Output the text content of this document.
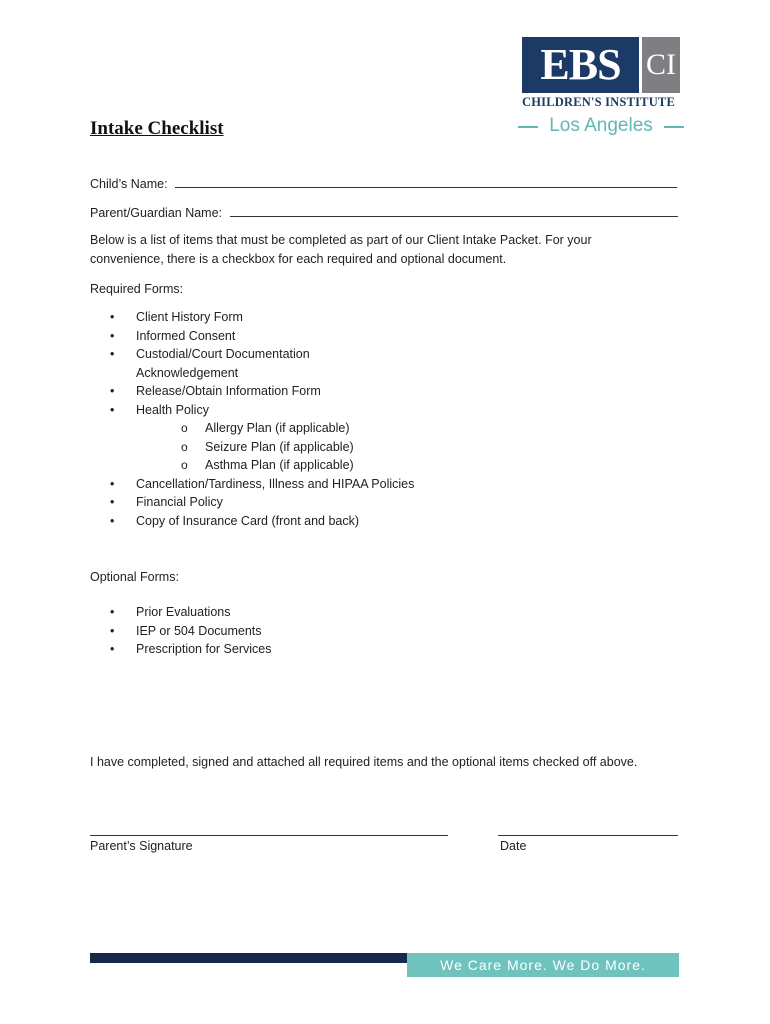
EBS CI
CHILDREN'S INSTITUTE
Los Angeles
Intake Checklist
Child’s Name:
Parent/Guardian Name:
Below is a list of items that must be completed as part of our Client Intake Packet. For your convenience, there is a checkbox for each required and optional document.
Required Forms:
• Client History Form
• Informed Consent
• Custodial/Court Documentation Acknowledgement
• Release/Obtain Information Form
• Health Policy
o Allergy Plan (if applicable)
o Seizure Plan (if applicable)
o Asthma Plan (if applicable)
• Cancellation/Tardiness, Illness and HIPAA Policies
• Financial Policy
• Copy of Insurance Card (front and back)
Optional Forms:
• Prior Evaluations
• IEP or 504 Documents
• Prescription for Services
I have completed, signed and attached all required items and the optional items checked off above.
Parent’s Signature	Date
We Care More. We Do More.
